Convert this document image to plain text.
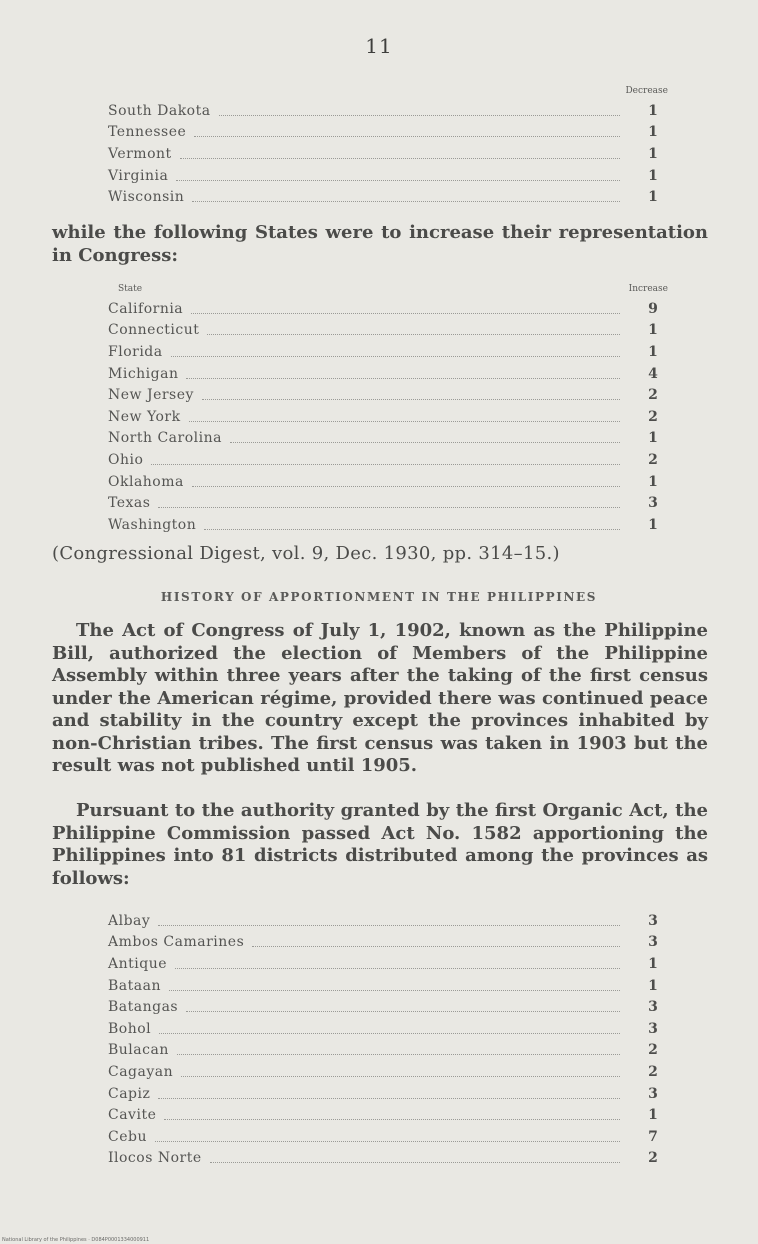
11
Decrease
South Dakota	1
Tennessee	1
Vermont	1
Virginia	1
Wisconsin	1

while the following States were to increase their representation in Congress:

State	Increase
California	9
Connecticut	1
Florida	1
Michigan	4
New Jersey	2
New York	2
North Carolina	1
Ohio	2
Oklahoma	1
Texas	3
Washington	1
(Congressional Digest, vol. 9, Dec. 1930, pp. 314–15.)
HISTORY OF APPORTIONMENT IN THE PHILIPPINES

The Act of Congress of July 1, 1902, known as the Philippine Bill, authorized the election of Members of the Philippine Assembly within three years after the taking of the first census under the American régime, provided there was continued peace and stability in the country except the provinces inhabited by non-Christian tribes. The first census was taken in 1903 but the result was not published until 1905.

Pursuant to the authority granted by the first Organic Act, the Philippine Commission passed Act No. 1582 apportioning the Philippines into 81 districts distributed among the provinces as follows:

Albay	3
Ambos Camarines	3
Antique	1
Bataan	1
Batangas	3
Bohol	3
Bulacan	2
Cagayan	2
Capiz	3
Cavite	1
Cebu	7
Ilocos Norte	2
National Library of the Philippines · D084P0001334000911
